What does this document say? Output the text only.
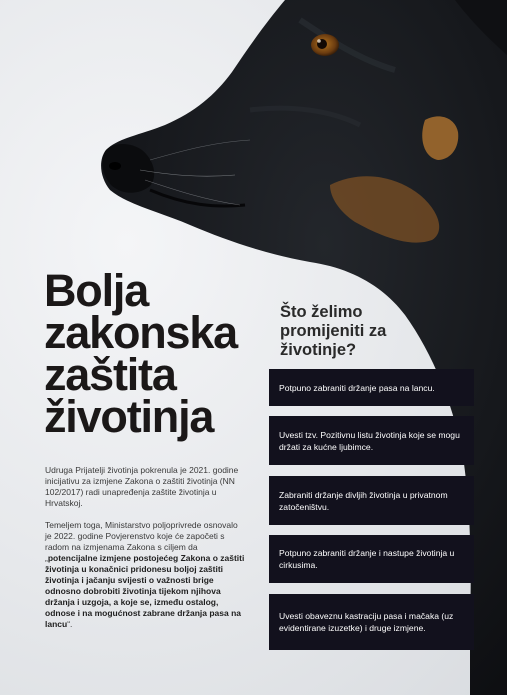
Bolja
zakonska
zaštita
životinja

Udruga Prijatelji životinja pokrenula je 2021. godine inicijativu za izmjene Zakona o zaštiti životinja (NN 102/2017) radi unapređenja zaštite životinja u Hrvatskoj.

Temeljem toga, Ministarstvo poljoprivrede osnovalo je 2022. godine Povjerenstvo koje će započeti s radom na izmjenama Zakona s ciljem da „potencijalne izmjene postojećeg Zakona o zaštiti životinja u konačnici pridonesu boljoj zaštiti životinja i jačanju svijesti o važnosti brige odnosno dobrobiti životinja tijekom njihova držanja i uzgoja, a koje se, između ostalog, odnose i na mogućnost zabrane držanja pasa na lancu“.

Što želimo promijeniti za životinje?
Potpuno zabraniti držanje pasa na lancu.
Uvesti tzv. Pozitivnu listu životinja koje se mogu držati za kućne ljubimce.
Zabraniti držanje divljih životinja u privatnom zatočeništvu.
Potpuno zabraniti držanje i nastupe životinja u cirkusima.
Uvesti obaveznu kastraciju pasa i mačaka (uz evidentirane izuzetke) i druge izmjene.
